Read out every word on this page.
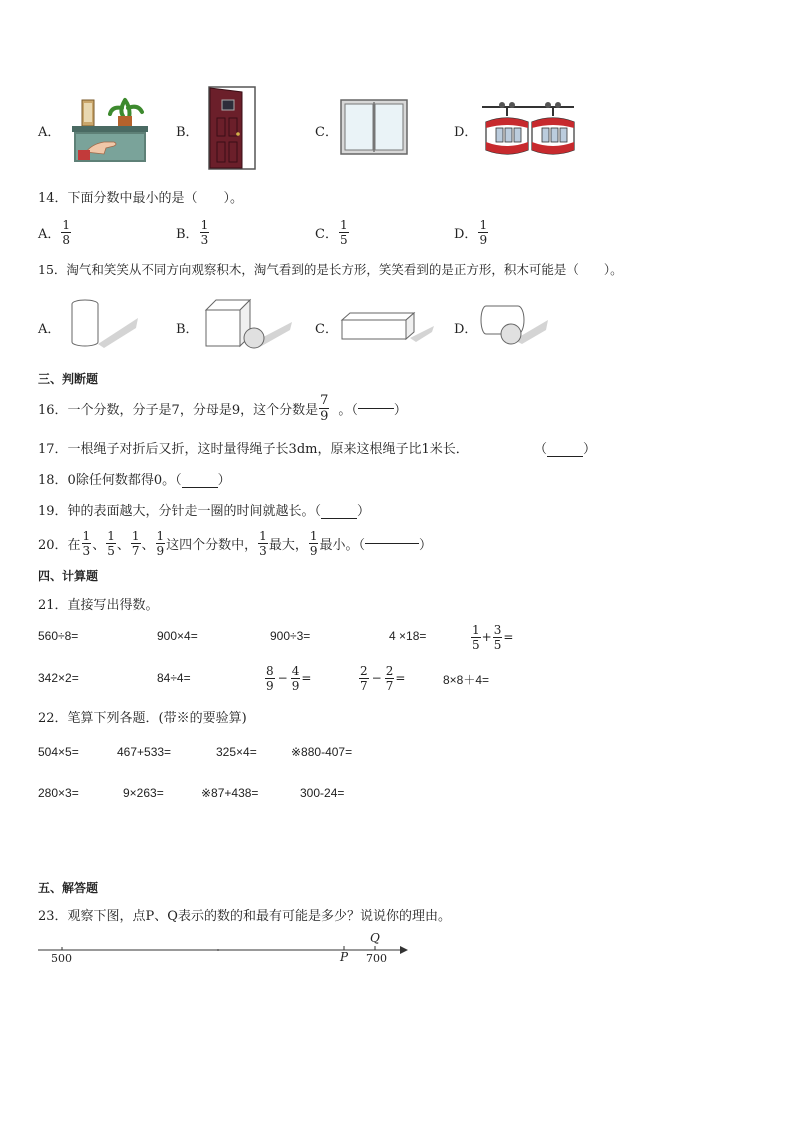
A．	B．	C．	D．
14．下面分数中最小的是（　　）。
A． $\frac{1}{8}$	B． $\frac{1}{3}$	C． $\frac{1}{5}$	D． $\frac{1}{9}$
15．淘气和笑笑从不同方向观察积木，淘气看到的是长方形，笑笑看到的是正方形，积木可能是（　　）。
A．	B．	C．	D．
三、判断题
16．一个分数，分子是7，分母是9，这个分数是 $\frac{7}{9}$ 。（	）
17．一根绳子对折后又折，这时量得绳子长3dm，原来这根绳子比1米长．	（	）
18．0除任何数都得0。（	）
19．钟的表面越大，分针走一圈的时间就越长。（	）
20．在 $\frac{1}{3}$ 、 $\frac{1}{5}$ 、 $\frac{1}{7}$ 、 $\frac{1}{9}$ 这四个分数中， $\frac{1}{3}$ 最大， $\frac{1}{9}$ 最小。（	）
四、计算题
21．直接写出得数。
560÷8=	900×4=	900÷3=	4 ×18=	$\frac{1}{5} + \frac{3}{5}$ =
342×2=	84÷4=	$\frac{8}{9} - \frac{4}{9}$ =	$\frac{2}{7} - \frac{2}{7}$ =	8×8＋4=
22．笔算下列各题．(带※的要验算)
504×5=	467+533=	325×4=	※880-407=
280×3=	9×263=	※87+438=	300-24=
五、解答题
23．观察下图，点P、Q表示的数的和最有可能是多少？说说你的理由。
500	700
P
Q
